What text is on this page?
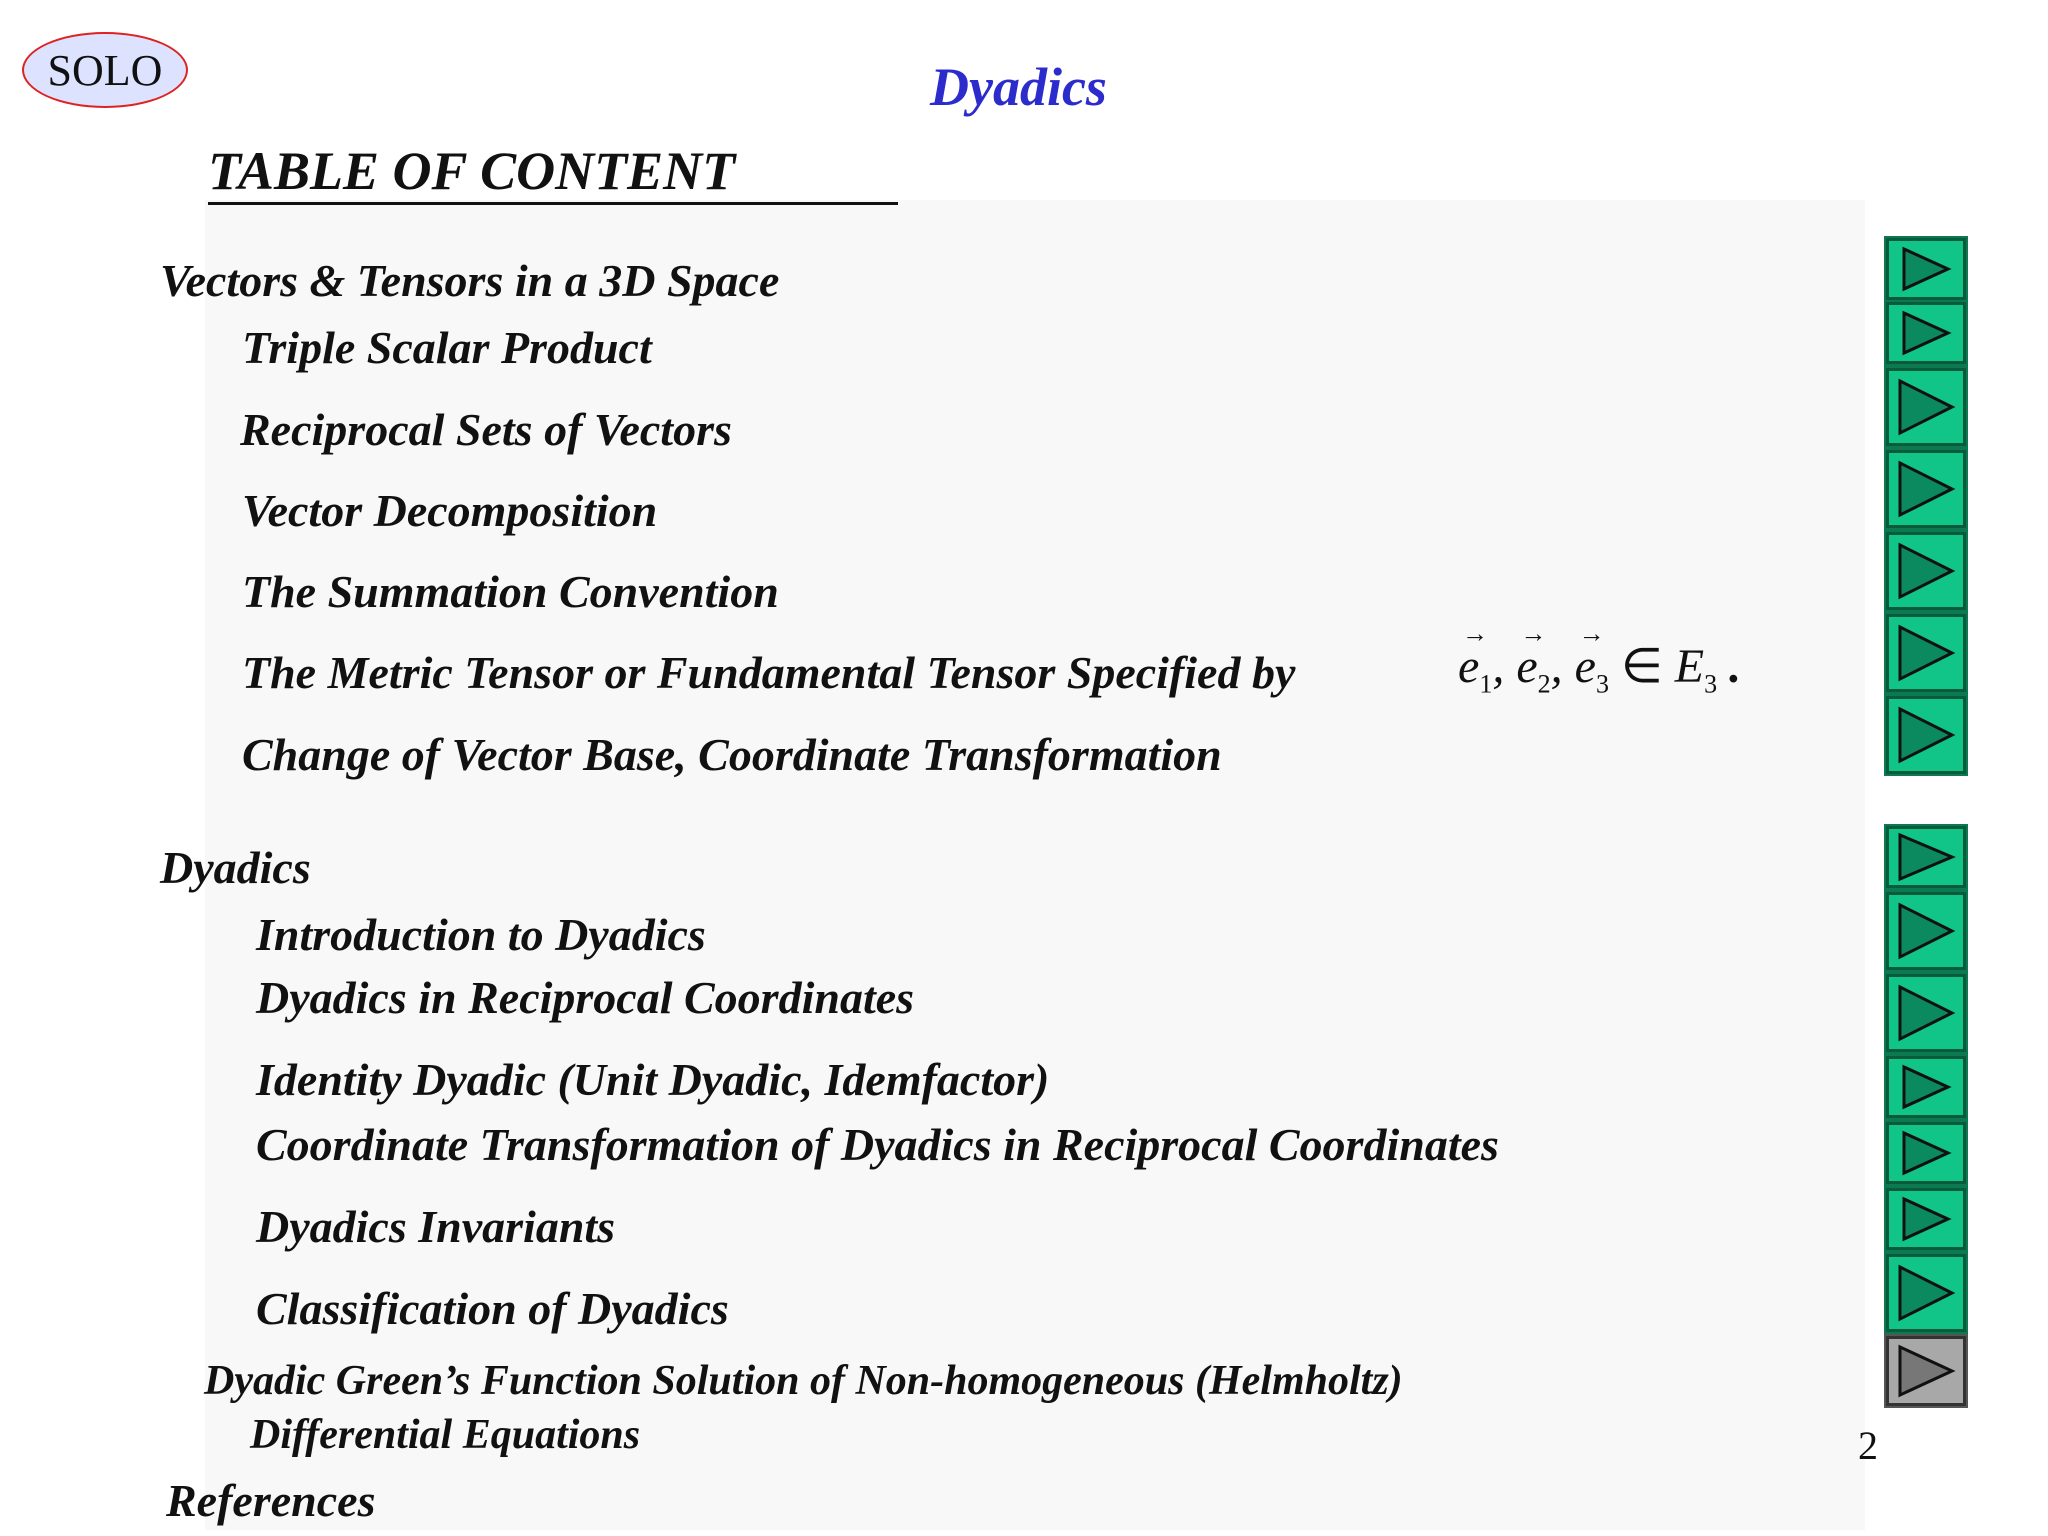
SOLO	Dyadics
TABLE OF CONTENT
Vectors & Tensors in a 3D Space
Triple Scalar Product
Reciprocal Sets of Vectors
Vector Decomposition
The Summation Convention
The Metric Tensor or Fundamental Tensor Specified by
→	$e_1$, → $e_2$, → $e_3$ ∈ $E_3$ .
Change of Vector Base, Coordinate Transformation
Dyadics
Introduction to Dyadics
Dyadics in Reciprocal Coordinates
Identity Dyadic (Unit Dyadic, Idemfactor)
Coordinate Transformation of Dyadics in Reciprocal Coordinates
Dyadics Invariants
Classification of Dyadics
Dyadic Green’s Function Solution of Non-homogeneous (Helmholtz)
Differential Equations
References
2
